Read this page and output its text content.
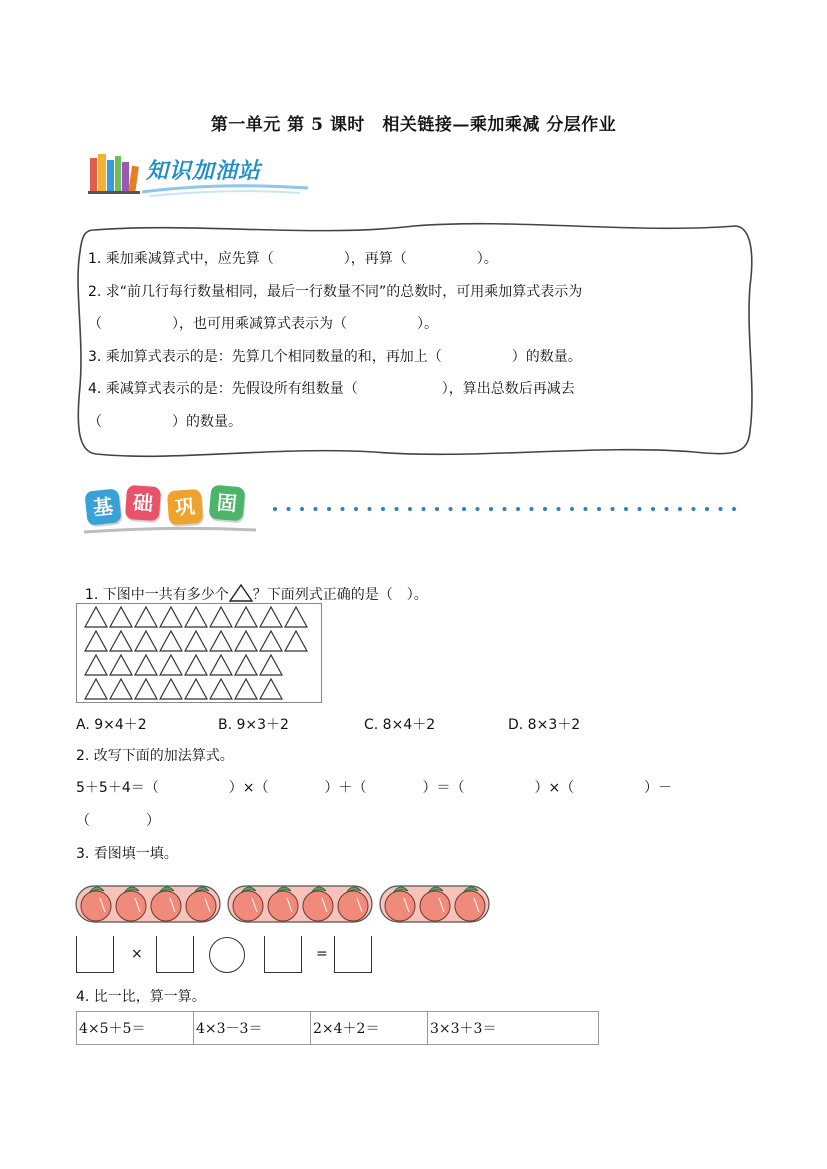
第一单元 第 5 课时　相关链接—乘加乘减 分层作业
知识加油站
1. 乘加乘减算式中，应先算（　　　　　），再算（　　　　　）。
2. 求“前几行每行数量相同，最后一行数量不同”的总数时，可用乘加算式表示为
（　　　　　），也可用乘减算式表示为（　　　　　）。
3. 乘加算式表示的是：先算几个相同数量的和，再加上（　　　　　）的数量。
4. 乘减算式表示的是：先假设所有组数量（　　　　　　），算出总数后再减去
（　　　　　）的数量。
基 础	巩	固

1. 下图中一共有多少个 ？下面列式正确的是（　）。

A. 9×4＋2	B. 9×3＋2	C. 8×4＋2	D. 8×3＋2
2. 改写下面的加法算式。
5＋5＋4＝（　　　　　）×（　　　　）＋（　　　　）＝（　　　　　）×（　　　　　）－
（　　　　）
3. 看图填一填。
×	=
4. 比一比，算一算。
4×5＋5＝	4×3－3＝	2×4＋2＝	3×3＋3＝
